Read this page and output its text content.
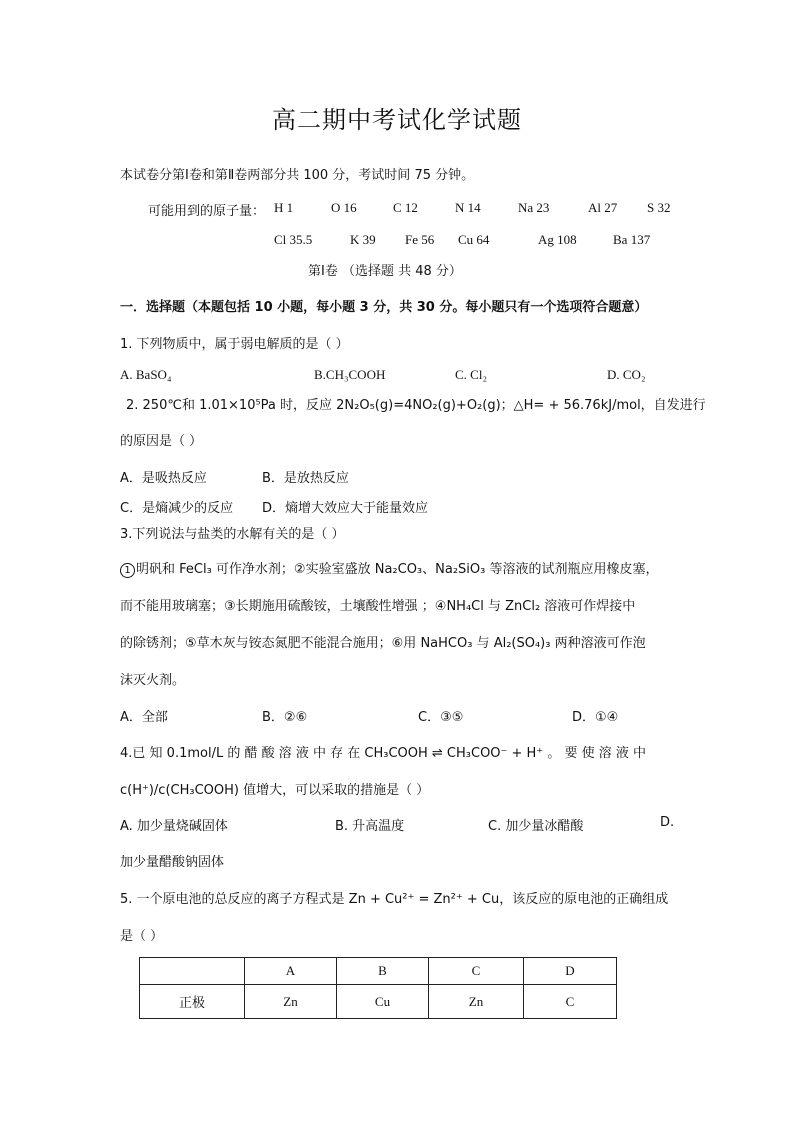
高二期中考试化学试题
本试卷分第Ⅰ卷和第Ⅱ卷两部分共 100 分，考试时间 75 分钟。
可能用到的原子量： H 1	O 16	C 12	N 14	Na 23	Al 27 S 32
Cl 35.5	K 39 Fe 56 Cu 64	Ag 108	Ba 137
第Ⅰ卷 （选择题 共 48 分）
一．选择题（本题包括 10 小题，每小题 3 分，共 30 分。每小题只有一个选项符合题意）
1. 下列物质中，属于弱电解质的是（ ）
A. BaSO₄	B.CH₃COOH	C. Cl₂	D. CO₂
2. 250℃和 1.01×10⁵Pa 时，反应 2N₂O₅(g)=4NO₂(g)+O₂(g)；△H= + 56.76kJ/mol，自发进行
的原因是（ ）
A．是吸热反应	B．是放热反应
C．是熵减少的反应 D．熵增大效应大于能量效应
3.下列说法与盐类的水解有关的是（ ）
1 明矾和 FeCl₃ 可作净水剂；②实验室盛放 Na₂CO₃、Na₂SiO₃ 等溶液的试剂瓶应用橡皮塞，
而不能用玻璃塞；③长期施用硫酸铵，土壤酸性增强 ；④NH₄Cl 与 ZnCl₂ 溶液可作焊接中
的除锈剂；⑤草木灰与铵态氮肥不能混合施用；⑥用 NaHCO₃ 与 Al₂(SO₄)₃ 两种溶液可作泡
沫灭火剂。
A．全部	B．②⑥	C．③⑤	D．①④
4.已 知 0.1mol/L 的 醋 酸 溶 液 中 存 在 CH₃COOH ⇌ CH₃COO⁻ + H⁺ 。 要 使 溶 液 中
c(H⁺)/c(CH₃COOH) 值增大，可以采取的措施是（ ）
A. 加少量烧碱固体	B. 升高温度	C. 加少量冰醋酸	D.
加少量醋酸钠固体
5. 一个原电池的总反应的离子方程式是 Zn + Cu²⁺ = Zn²⁺ + Cu，该反应的原电池的正确组成
是（ ）
	A	B	C	D
正极	Zn	Cu	Zn	C
